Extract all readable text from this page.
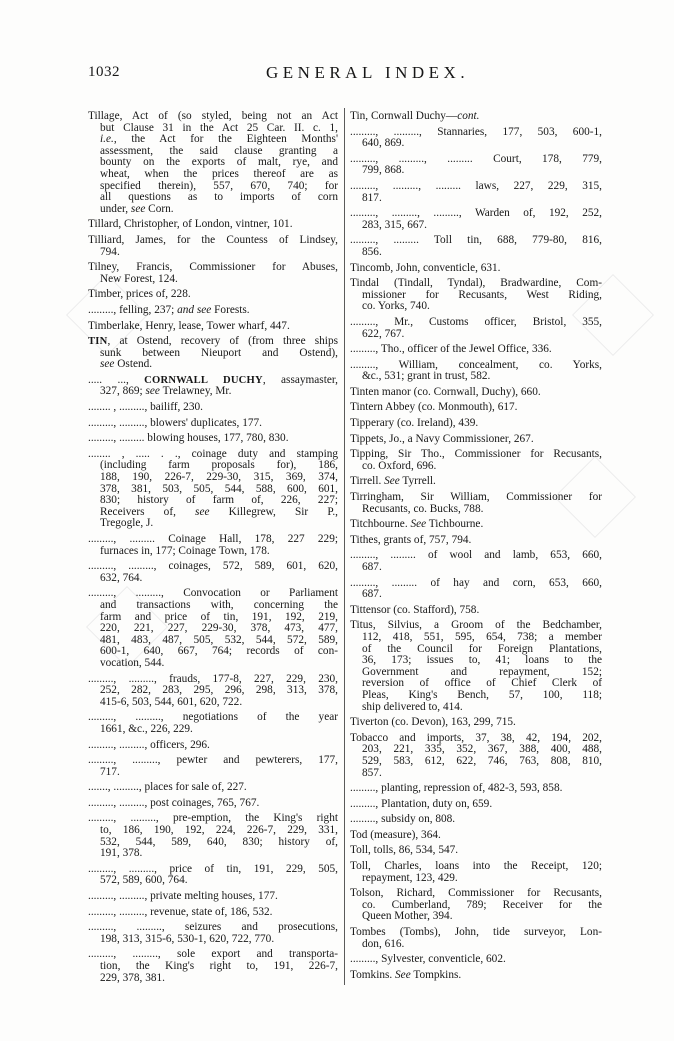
1032	GENERAL INDEX.
Tillage, Act of (so styled, being not an Act
but Clause 31 in the Act 25 Car. II. c. 1,
i.e., the Act for the Eighteen Months'
assessment, the said clause granting a
bounty on the exports of malt, rye, and
wheat, when the prices thereof are as
specified therein), 557, 670, 740; for
all questions as to imports of corn
under, see Corn.
Tillard, Christopher, of London, vintner, 101.
Tilliard, James, for the Countess of Lindsey,
794.
Tilney, Francis, Commissioner for Abuses,
New Forest, 124.
Timber, prices of, 228.
........., felling, 237; and see Forests.
Timberlake, Henry, lease, Tower wharf, 447.
TIN, at Ostend, recovery of (from three ships
sunk between Nieuport and Ostend),
see Ostend.
..... ..., CORNWALL DUCHY, assaymaster,
327, 869; see Trelawney, Mr.
........ , ........., bailiff, 230.
........., ........., blowers' duplicates, 177.
........., ......... blowing houses, 177, 780, 830.
........ , ..... . ., coinage duty and stamping
(including farm proposals for), 186,
188, 190, 226-7, 229-30, 315, 369, 374,
378, 381, 503, 505, 544, 588, 600, 601,
830; history of farm of, 226, 227;
Receivers of, see Killegrew, Sir P.,
Tregogle, J.
........., ......... Coinage Hall, 178, 227 229;
furnaces in, 177; Coinage Town, 178.
........., ........., coinages, 572, 589, 601, 620,
632, 764.
........., ........., Convocation or Parliament
and transactions with, concerning the
farm and price of tin, 191, 192, 219,
220, 221, 227, 229-30, 378, 473, 477,
481, 483, 487, 505, 532, 544, 572, 589,
600-1, 640, 667, 764; records of con-
vocation, 544.
........., ........., frauds, 177-8, 227, 229, 230,
252, 282, 283, 295, 296, 298, 313, 378,
415-6, 503, 544, 601, 620, 722.
........., ........., negotiations of the year
1661, &c., 226, 229.
........., ........., officers, 296.
........., ........., pewter and pewterers, 177,
717.
......., ........., places for sale of, 227.
........., ........., post coinages, 765, 767.
........., ........., pre-emption, the King's right
to, 186, 190, 192, 224, 226-7, 229, 331,
532, 544, 589, 640, 830; history of,
191, 378.
........., ........., price of tin, 191, 229, 505,
572, 589, 600, 764.
........., ........., private melting houses, 177.
........., ........., revenue, state of, 186, 532.
........., ........., seizures and prosecutions,
198, 313, 315-6, 530-1, 620, 722, 770.
........., ........., sole export and transporta-
tion, the King's right to, 191, 226-7,
229, 378, 381.
Tin, Cornwall Duchy—cont.
........., ........., Stannaries, 177, 503, 600-1,
640, 869.
........., ........., ......... Court, 178, 779,
799, 868.
........., ........., ......... laws, 227, 229, 315,
817.
........., ........., ........., Warden of, 192, 252,
283, 315, 667.
........., ......... Toll tin, 688, 779-80, 816,
856.
Tincomb, John, conventicle, 631.
Tindal (Tindall, Tyndal), Bradwardine, Com-
missioner for Recusants, West Riding,
co. Yorks, 740.
........., Mr., Customs officer, Bristol, 355,
622, 767.
........., Tho., officer of the Jewel Office, 336.
........., William, concealment, co. Yorks,
&c., 531; grant in trust, 582.
Tinten manor (co. Cornwall, Duchy), 660.
Tintern Abbey (co. Monmouth), 617.
Tipperary (co. Ireland), 439.
Tippets, Jo., a Navy Commissioner, 267.
Tipping, Sir Tho., Commissioner for Recusants,
co. Oxford, 696.
Tirrell. See Tyrrell.
Tirringham, Sir William, Commissioner for
Recusants, co. Bucks, 788.
Titchbourne. See Tichbourne.
Tithes, grants of, 757, 794.
........., ......... of wool and lamb, 653, 660,
687.
........., ......... of hay and corn, 653, 660,
687.
Tittensor (co. Stafford), 758.
Titus, Silvius, a Groom of the Bedchamber,
112, 418, 551, 595, 654, 738; a member
of the Council for Foreign Plantations,
36, 173; issues to, 41; loans to the
Government and repayment, 152;
reversion of office of Chief Clerk of
Pleas, King's Bench, 57, 100, 118;
ship delivered to, 414.
Tiverton (co. Devon), 163, 299, 715.
Tobacco and imports, 37, 38, 42, 194, 202,
203, 221, 335, 352, 367, 388, 400, 488,
529, 583, 612, 622, 746, 763, 808, 810,
857.
........., planting, repression of, 482-3, 593, 858.
........., Plantation, duty on, 659.
........., subsidy on, 808.
Tod (measure), 364.
Toll, tolls, 86, 534, 547.
Toll, Charles, loans into the Receipt, 120;
repayment, 123, 429.
Tolson, Richard, Commissioner for Recusants,
co. Cumberland, 789; Receiver for the
Queen Mother, 394.
Tombes (Tombs), John, tide surveyor, Lon-
don, 616.
........., Sylvester, conventicle, 602.
Tomkins. See Tompkins.
